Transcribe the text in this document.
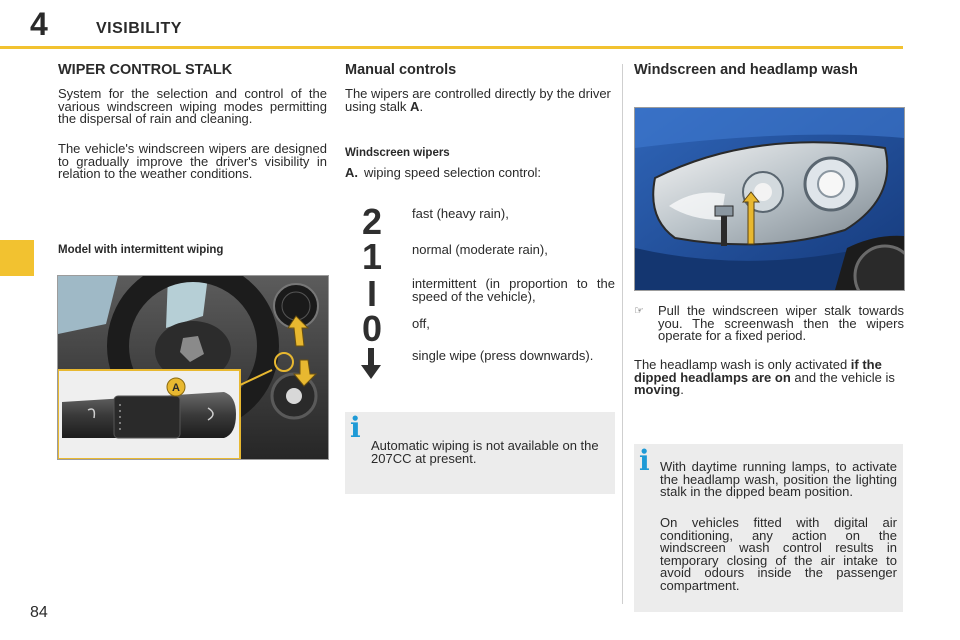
4	VISIBILITY
WIPER CONTROL STALK

System for the selection and control of the various windscreen wiping modes permitting the dispersal of rain and cleaning.

The vehicle's windscreen wipers are designed to gradually improve the driver's visibility in relation to the weather conditions.

Model with intermittent wiping
A
Manual controls

The wipers are controlled directly by the driver using stalk A.

Windscreen wipers
A. wiping speed selection control:
2
1
I
0

fast (heavy rain),

normal (moderate rain),

intermittent (in proportion to the speed of the vehicle),

off,

single wipe (press downwards).

i

Automatic wiping is not available on the 207CC at present.

Windscreen and headlamp wash
☞	Pull the windscreen wiper stalk towards you. The screenwash then the wipers operate for a fixed period.

The headlamp wash is only activated if the dipped headlamps are on and the vehicle is moving.

i With daytime running lamps, to activate the headlamp wash, position the lighting stalk in the dipped beam position.

On vehicles fitted with digital air conditioning, any action on the windscreen wash control results in temporary closing of the air intake to avoid odours inside the passenger compartment.

84
